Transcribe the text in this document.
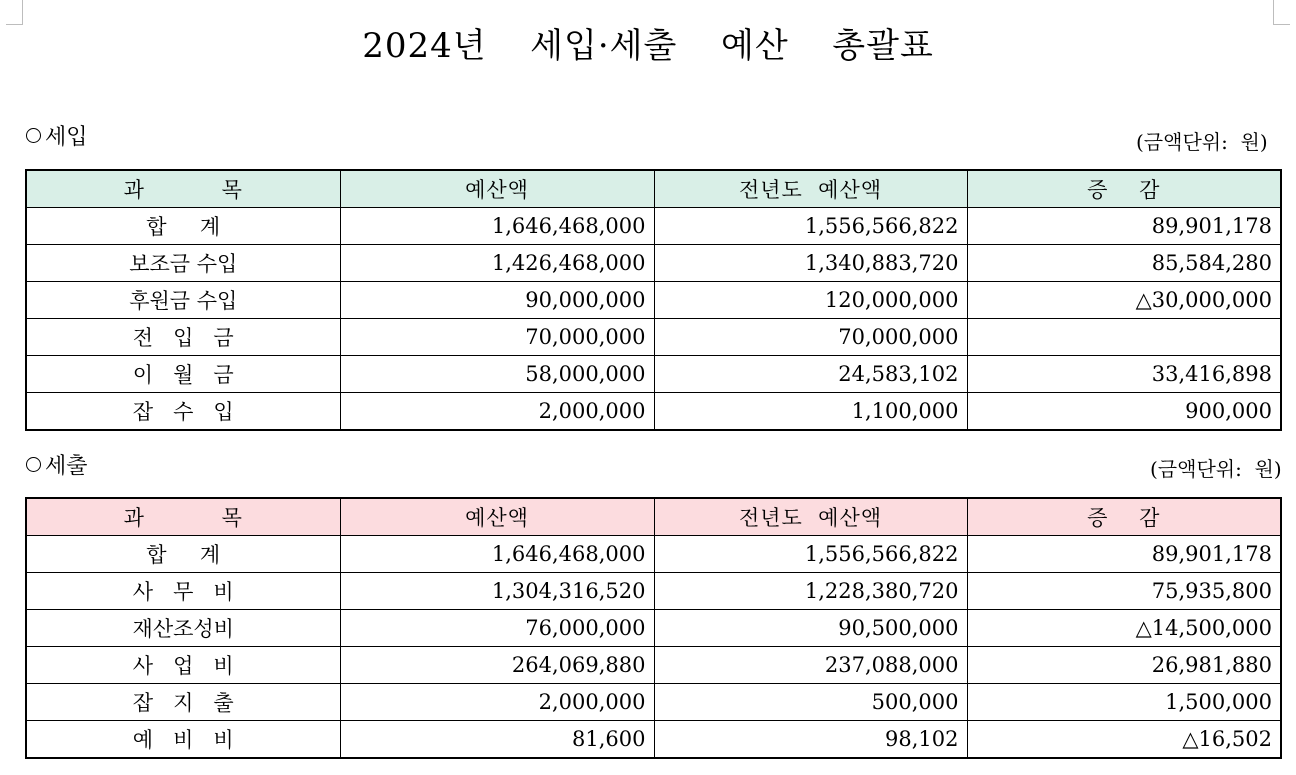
2024년  세입·세출  예산  총괄표
세입	(금액단위:  원)
과          목	예산액	전년도  예산액	증    감
합     계	1,646,468,000	1,556,566,822	89,901,178
보조금 수입	1,426,468,000	1,340,883,720	85,584,280
후원금 수입	90,000,000	120,000,000	△30,000,000
전   입   금	70,000,000	70,000,000	
이   월   금	58,000,000	24,583,102	33,416,898
잡   수   입	2,000,000	1,100,000	900,000
세출	(금액단위:  원)
과          목	예산액	전년도  예산액	증    감
합     계	1,646,468,000	1,556,566,822	89,901,178
사   무   비	1,304,316,520	1,228,380,720	75,935,800
재산조성비	76,000,000	90,500,000	△14,500,000
사   업   비	264,069,880	237,088,000	26,981,880
잡   지   출	2,000,000	500,000	1,500,000
예   비   비	81,600	98,102	△16,502
